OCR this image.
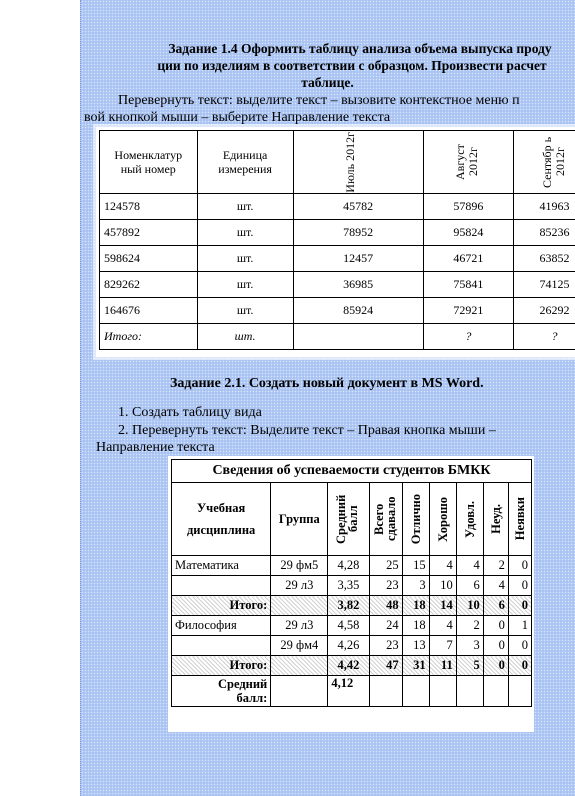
Задание 1.4 Оформить таблицу анализа объема выпуска проду
ции по изделиям в соответствии с образцом. Произвести расчет
таблице.
Перевернуть текст: выделите текст – вызовите контекстное меню п
вой кнопкой мыши – выберите Направление текста
Номенклатур ный номер	Единица измерения	Июль 2012г	Август 2012г	Сентябр ь 2012г

124578	шт.	45782	57896	41963
457892	шт.	78952	95824	85236
598624	шт.	12457	46721	63852
829262	шт.	36985	75841	74125
164676	шт.	85924	72921	26292
Итого:	шт.		?	?
Задание 2.1. Создать новый документ в MS Word.
1. Создать таблицу вида
2. Перевернуть текст: Выделите текст – Правая кнопка мыши –
Направление текста
Сведения об успеваемости студентов БМКК								

Учебная
дисциплина	Группа	Средний балл	Всего сдавало	Отлично	Хорошо	Удовл.	Неуд.	Неявки

Математика	29 фм5	4,28	25	15	4	4	2	0
	29 л3	3,35	23	3	10	6	4	0
Итого:		3,82	48	18	14	10	6	0
Философия	29 л3	4,58	24	18	4	2	0	1
	29 фм4	4,26	23	13	7	3	0	0
Итого:		4,42	47	31	11	5	0	0

Средний
балл:		4,12						
